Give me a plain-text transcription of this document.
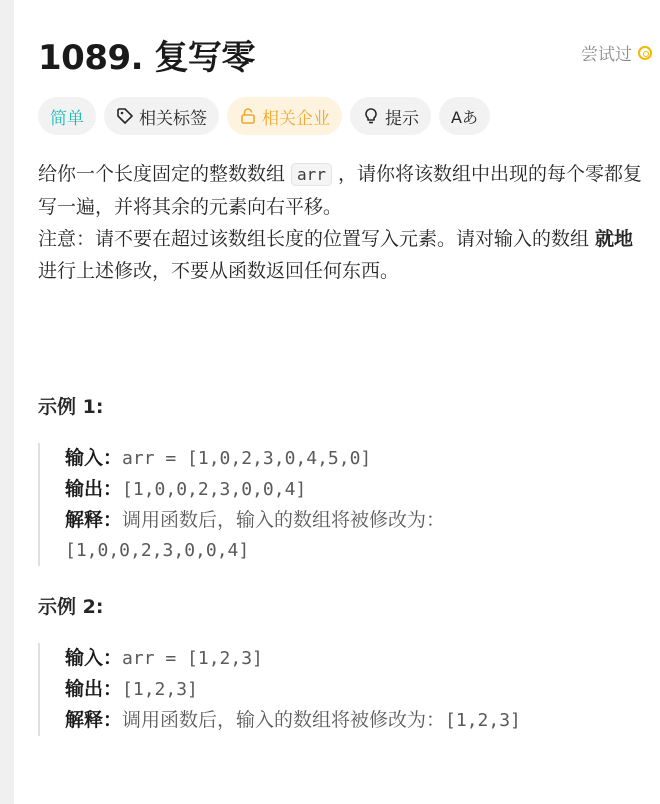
1089. 复写零	尝试过
简单	相关标签	相关企业	提示 Aあ

给你一个长度固定的整数数组 arr ，请你将该数组中出现的每个零都复写一遍，并将其余的元素向右平移。

注意：请不要在超过该数组长度的位置写入元素。请对输入的数组 就地 进行上述修改，不要从函数返回任何东西。

示例 1:
输入：arr = [1,0,2,3,0,4,5,0]
输出：[1,0,0,2,3,0,0,4]
解释：调用函数后，输入的数组将被修改为：
[1,0,0,2,3,0,0,4]
示例 2:
输入：arr = [1,2,3]
输出：[1,2,3]
解释：调用函数后，输入的数组将被修改为：[1,2,3]
